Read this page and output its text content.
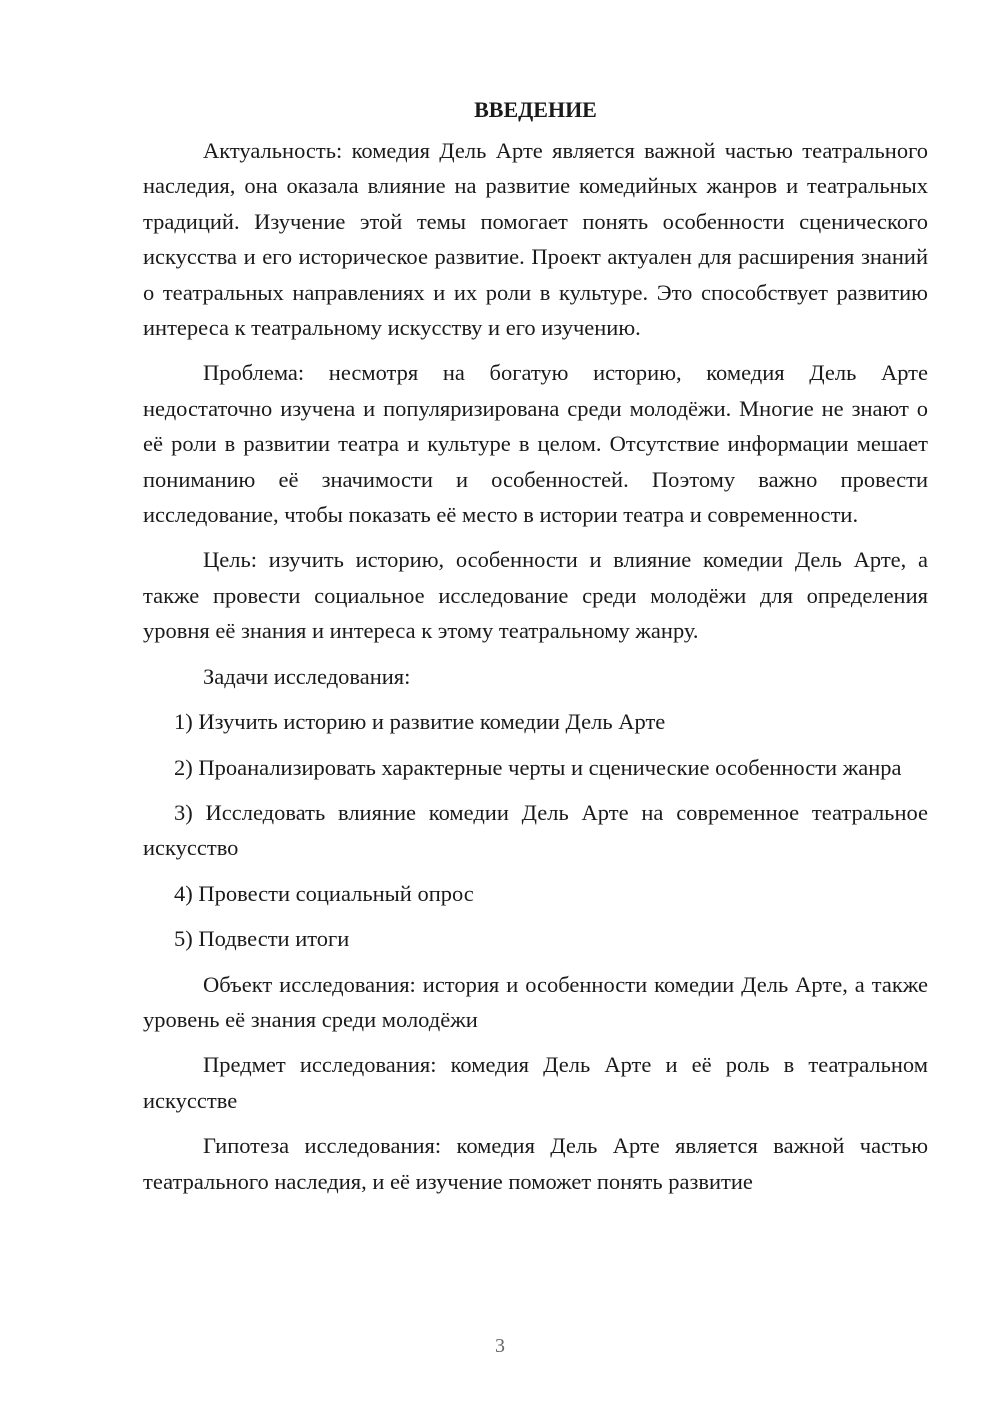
ВВЕДЕНИЕ

Актуальность: комедия Дель Арте является важной частью театрального наследия, она оказала влияние на развитие комедийных жанров и театральных традиций. Изучение этой темы помогает понять особенности сценического искусства и его историческое развитие. Проект актуален для расширения знаний о театральных направлениях и их роли в культуре. Это способствует развитию интереса к театральному искусству и его изучению.

Проблема: несмотря на богатую историю, комедия Дель Арте недостаточно изучена и популяризирована среди молодёжи. Многие не знают о её роли в развитии театра и культуре в целом. Отсутствие информации мешает пониманию её значимости и особенностей. Поэтому важно провести исследование, чтобы показать её место в истории театра и современности.

Цель: изучить историю, особенности и влияние комедии Дель Арте, а также провести социальное исследование среди молодёжи для определения уровня её знания и интереса к этому театральному жанру.

Задачи исследования:

1) Изучить историю и развитие комедии Дель Арте

2) Проанализировать характерные черты и сценические особенности жанра

3) Исследовать влияние комедии Дель Арте на современное театральное искусство

4) Провести социальный опрос

5) Подвести итоги

Объект исследования: история и особенности комедии Дель Арте, а также уровень её знания среди молодёжи

Предмет исследования: комедия Дель Арте и её роль в театральном искусстве

Гипотеза исследования: комедия Дель Арте является важной частью театрального наследия, и её изучение поможет понять развитие

3
